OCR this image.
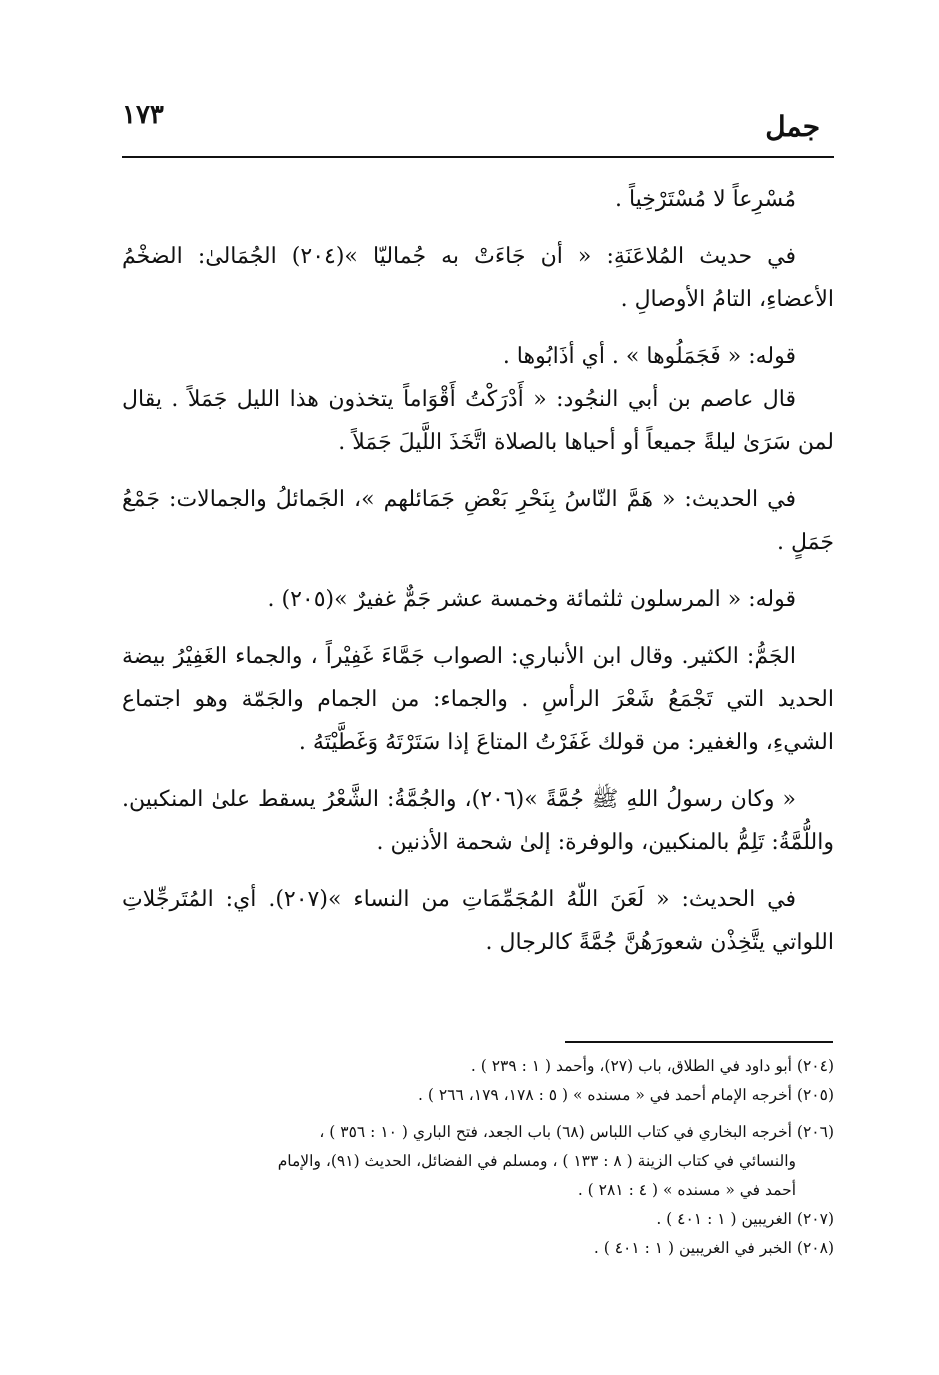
١٧٣	جمل

مُسْرِعاً لا مُسْتَرْخِياً .

في حديث المُلاعَنَةِ: « أن جَاءَتْ به جُماليّا »(٢٠٤) الجُمَالىٰ: الضخْمُ الأعضاءِ، التامُ الأوصالِ .

قوله: « فَجَمَلُوها » . أي أذَابُوها .

قال عاصم بن أبي النجُود: « أَدْرَكْتُ أَقْوَاماً يتخذون هذا الليل جَمَلاً . يقال لمن سَرَىٰ ليلةً جميعاً أو أحياها بالصلاة اتَّخَذَ اللَّيلَ جَمَلاً .

في الحديث: « هَمَّ النّاسُ بِنَحْرِ بَعْضِ جَمَائلهم »، الجَمائلُ والجمالات: جَمْعُ جَمَلٍ .

قوله: « المرسلون ثلثمائة وخمسة عشر جَمٌّ غفيرٌ »(٢٠٥) .

الجَمُّ: الكثير. وقال ابن الأنباري: الصواب جَمَّاءَ غَفِيْراً ، والجماء الغَفِيْرُ بيضة الحديد التي تَجْمَعُ شَعْرَ الرأسِ . والجماء: من الجمام والجَمّة وهو اجتماع الشيءِ، والغفير: من قولك غَفَرْتُ المتاعَ إذا سَتَرْتَهُ وَغَطَّيْتَهُ .

« وكان رسولُ اللهِ ﷺ جُمَّةً »(٢٠٦)، والجُمَّةُ: الشَّعْرُ يسقط علىٰ المنكبين. واللُّمَّةُ: تَلِمُّ بالمنكبين، والوفرة: إلىٰ شحمة الأذنين .

في الحديث: « لَعَنَ اللّهُ المُجَمِّمَاتِ من النساء »(٢٠٧). أي: المُتَرجِّلاتِ اللواتي يتَّخِذْن شعورَهُنَّ جُمَّةً كالرجال .

(٢٠٤) أبو داود في الطلاق، باب (٢٧)، وأحمد ( ١ : ٢٣٩ ) .

(٢٠٥) أخرجه الإمام أحمد في « مسنده » ( ٥ : ١٧٨، ١٧٩، ٢٦٦ ) .

(٢٠٦) أخرجه البخاري في كتاب اللباس (٦٨) باب الجعد، فتح الباري ( ١٠ : ٣٥٦ ) ،

والنسائي في كتاب الزينة ( ٨ : ١٣٣ ) ، ومسلم في الفضائل، الحديث (٩١)، والإمام

أحمد في « مسنده » ( ٤ : ٢٨١ ) .

(٢٠٧) الغريبين ( ١ : ٤٠١ ) .

(٢٠٨) الخبر في الغريبين ( ١ : ٤٠١ ) .
